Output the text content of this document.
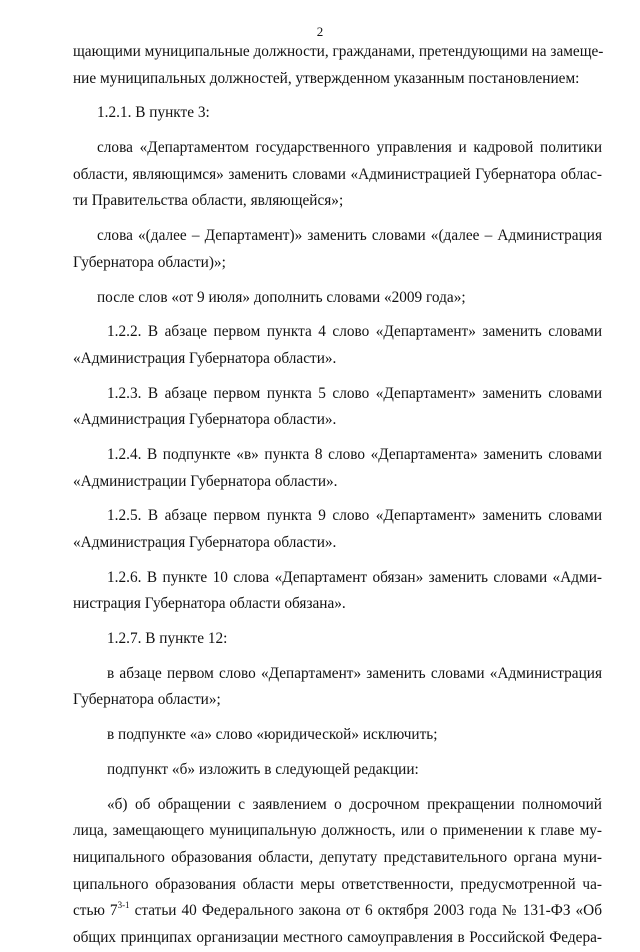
2
щающими муниципальные должности, гражданами, претендующими на замеще-
ние муниципальных должностей, утвержденном указанным постановлением:
1.2.1. В пункте 3:
слова «Департаментом государственного управления и кадровой политики
области, являющимся» заменить словами «Администрацией Губернатора облас-
ти Правительства области, являющейся»;
слова «(далее – Департамент)» заменить словами «(далее – Администрация
Губернатора области)»;
после слов «от 9 июля» дополнить словами «2009 года»;
1.2.2. В абзаце первом пункта 4 слово «Департамент» заменить словами
«Администрация Губернатора области».
1.2.3. В абзаце первом пункта 5 слово «Департамент» заменить словами
«Администрация Губернатора области».
1.2.4. В подпункте «в» пункта 8 слово «Департамента» заменить словами
«Администрации Губернатора области».
1.2.5. В абзаце первом пункта 9 слово «Департамент» заменить словами
«Администрация Губернатора области».
1.2.6. В пункте 10 слова «Департамент обязан» заменить словами «Адми-
нистрация Губернатора области обязана».
1.2.7. В пункте 12:
в абзаце первом слово «Департамент» заменить словами «Администрация
Губернатора области»;
в подпункте «а» слово «юридической» исключить;
подпункт «б» изложить в следующей редакции:
«б) об обращении с заявлением о досрочном прекращении полномочий
лица, замещающего муниципальную должность, или о применении к главе му-
ниципального образования области, депутату представительного органа муни-
ципального образования области меры ответственности, предусмотренной ча-
стью 7$^{3-1}$ статьи 40 Федерального закона от 6 октября 2003 года № 131-ФЗ «Об
общих принципах организации местного самоуправления в Российской Федера-
